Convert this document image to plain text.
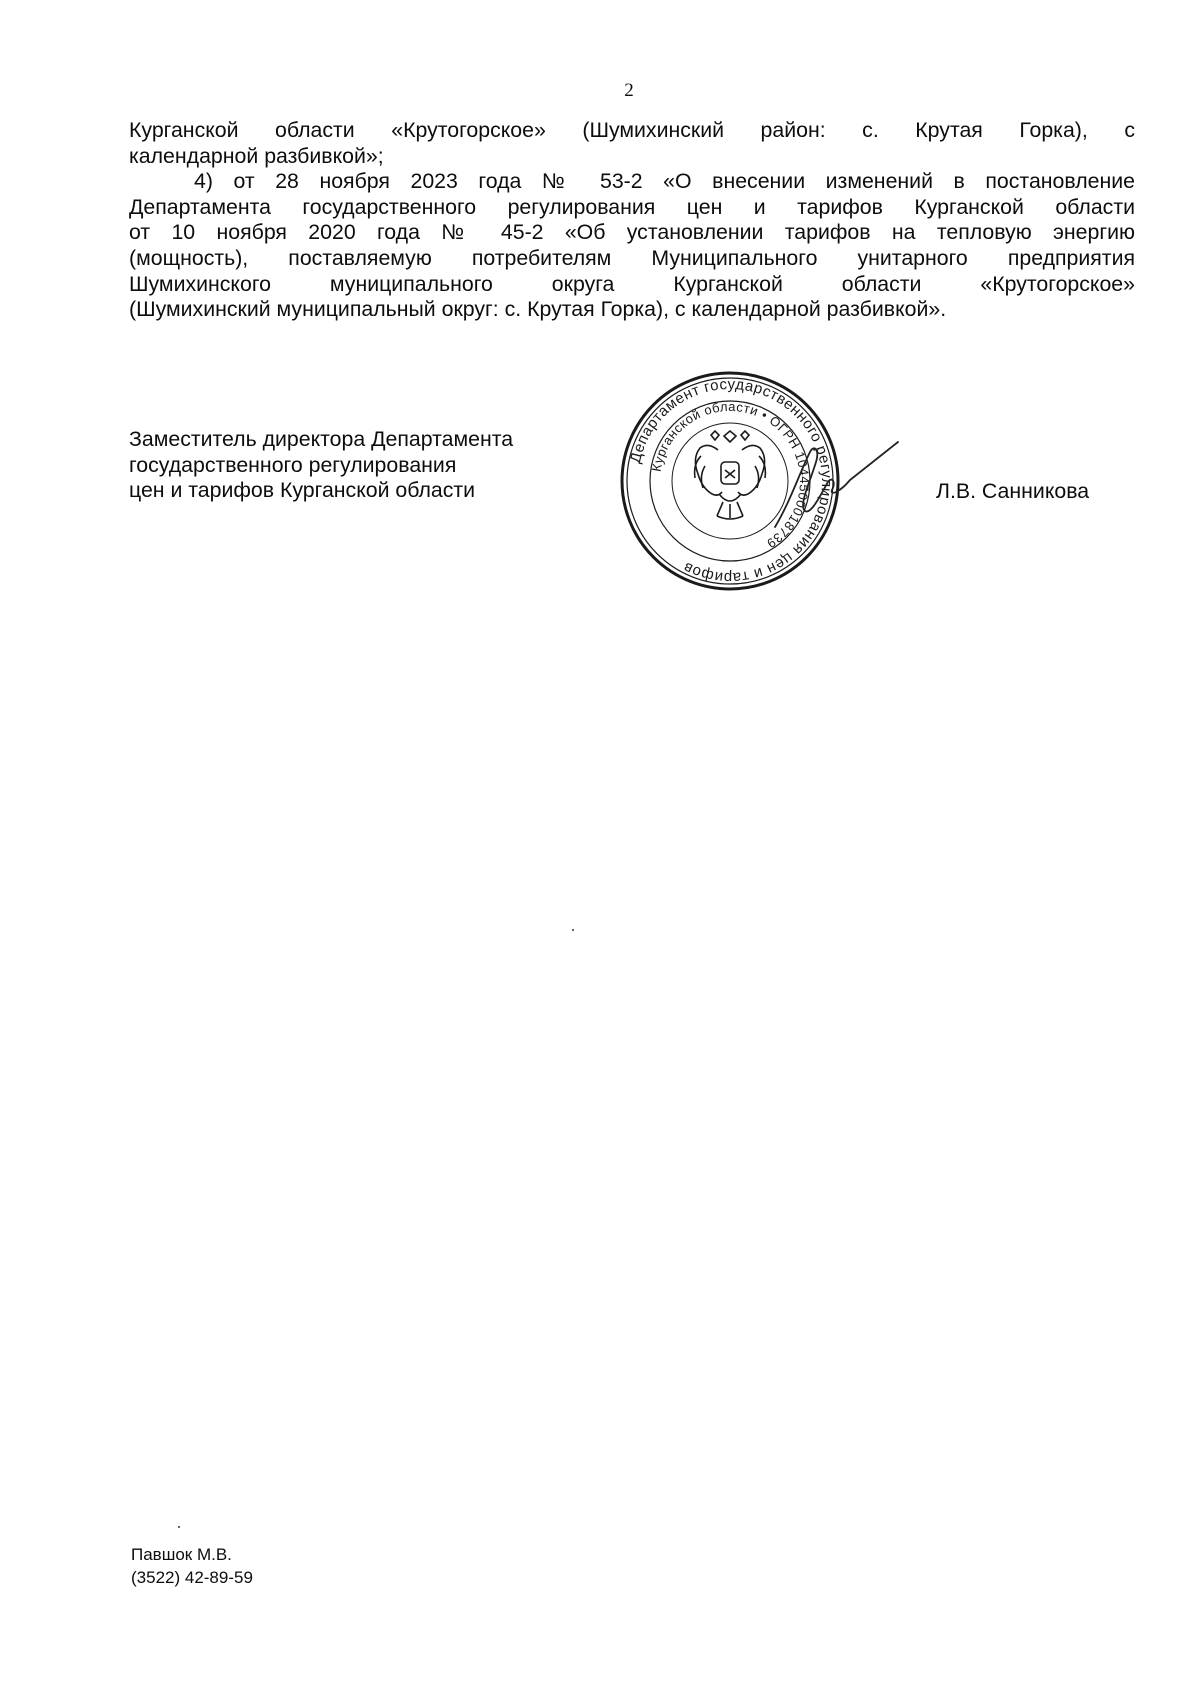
2

Курганской области «Крутогорское» (Шумихинский район: с. Крутая Горка), с

календарной разбивкой»;

4) от 28 ноября 2023 года № 53-2 «О внесении изменений в постановление

Департамента государственного регулирования цен и тарифов Курганской области

от 10 ноября 2020 года № 45-2 «Об установлении тарифов на тепловую энергию

(мощность), поставляемую потребителям Муниципального унитарного предприятия

Шумихинского муниципального округа Курганской области «Крутогорское»

(Шумихинский муниципальный округ: с. Крутая Горка), с календарной разбивкой».

Заместитель директора Департамента
государственного регулирования
цен и тарифов Курганской области
Департамент государственного регулирования цен и тарифов
Курганской области • ОГРН 1044500018739
Л.В. Санникова
Павшок М.В.
(3522) 42-89-59
